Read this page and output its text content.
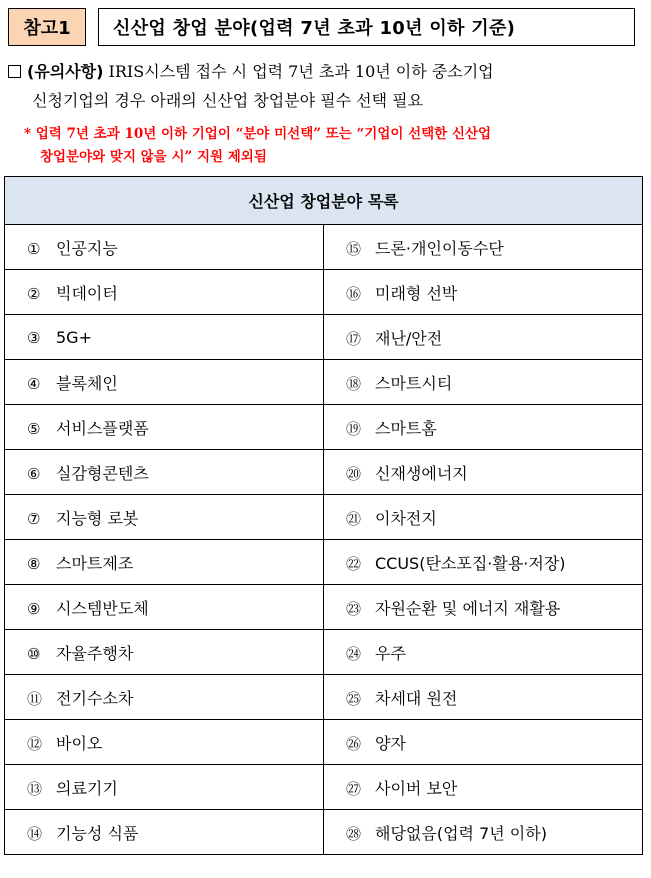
참고1	신산업 창업 분야(업력 7년 초과 10년 이하 기준)
(유의사항) IRIS시스템 접수 시 업력 7년 초과 10년 이하 중소기업
신청기업의 경우 아래의 신산업 창업분야 필수 선택 필요
* 업력 7년 초과 10년 이하 기업이 “분야 미선택” 또는 “기업이 선택한 신산업
창업분야와 맞지 않을 시” 지원 제외됨
신산업 창업분야 목록	
① 인공지능	⑮ 드론·개인이동수단
② 빅데이터	⑯ 미래형 선박
③ 5G+	⑰ 재난/안전
④ 블록체인	⑱ 스마트시티
⑤ 서비스플랫폼	⑲ 스마트홈
⑥ 실감형콘텐츠	⑳ 신재생에너지
⑦ 지능형 로봇	㉑ 이차전지
⑧ 스마트제조	㉒ CCUS(탄소포집·활용·저장)
⑨ 시스템반도체	㉓ 자원순환 및 에너지 재활용
⑩ 자율주행차	㉔ 우주
⑪ 전기수소차	㉕ 차세대 원전
⑫ 바이오	㉖ 양자
⑬ 의료기기	㉗ 사이버 보안
⑭ 기능성 식품	㉘ 해당없음(업력 7년 이하)
